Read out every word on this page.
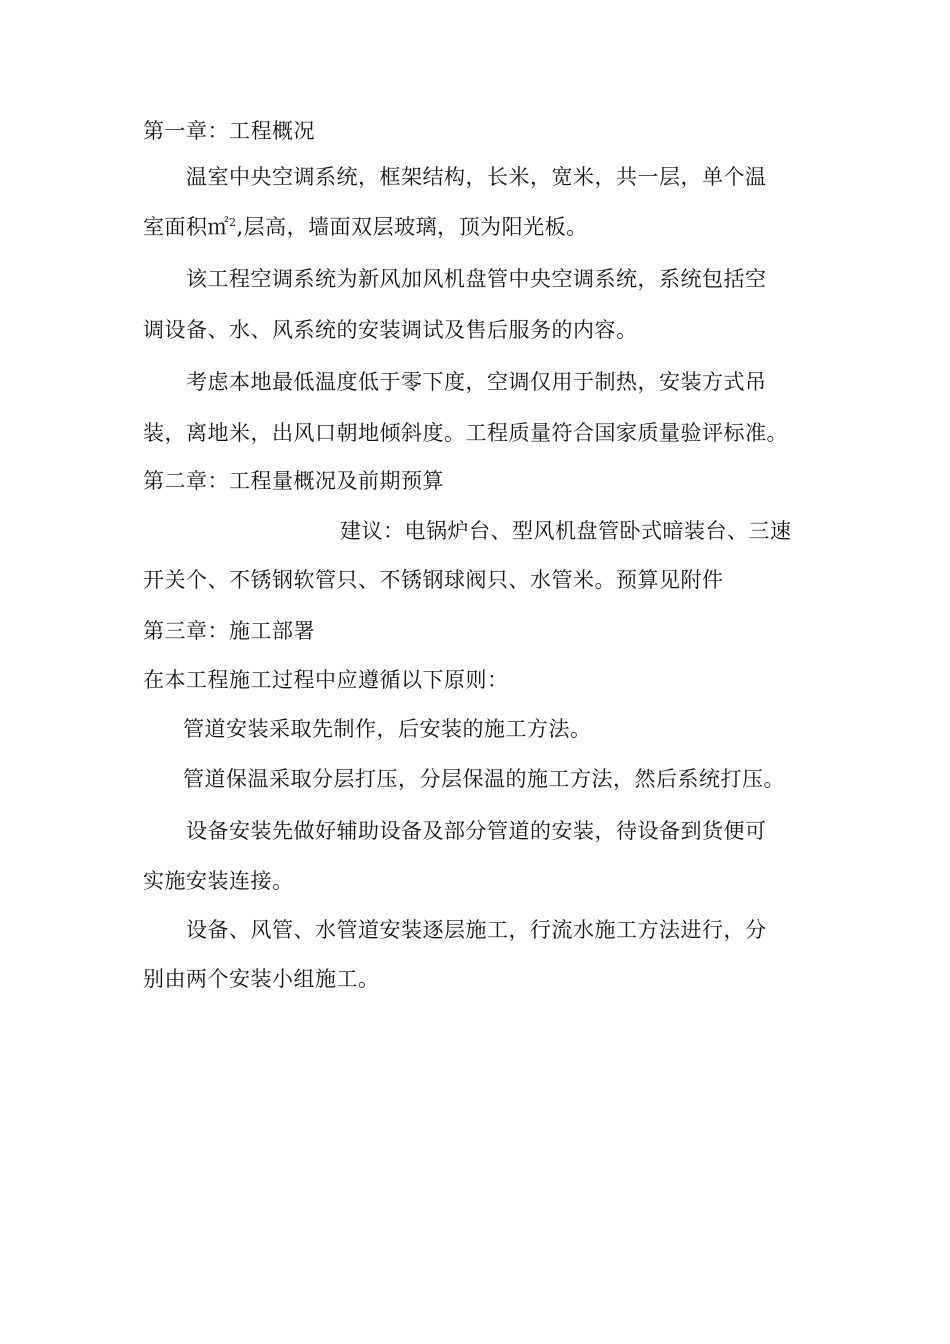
第一章：工程概况
温室中央空调系统，框架结构，长米，宽米，共一层，单个温
室面积㎡$^2$,层高，墙面双层玻璃，顶为阳光板。
该工程空调系统为新风加风机盘管中央空调系统，系统包括空
调设备、水、风系统的安装调试及售后服务的内容。
考虑本地最低温度低于零下度，空调仅用于制热，安装方式吊
装，离地米，出风口朝地倾斜度。工程质量符合国家质量验评标准。
第二章：工程量概况及前期预算
建议：电锅炉台、型风机盘管卧式暗装台、三速
开关个、不锈钢软管只、不锈钢球阀只、水管米。预算见附件
第三章：施工部署
在本工程施工过程中应遵循以下原则：
管道安装采取先制作，后安装的施工方法。
管道保温采取分层打压，分层保温的施工方法，然后系统打压。
设备安装先做好辅助设备及部分管道的安装，待设备到货便可
实施安装连接。
设备、风管、水管道安装逐层施工，行流水施工方法进行，分
别由两个安装小组施工。
